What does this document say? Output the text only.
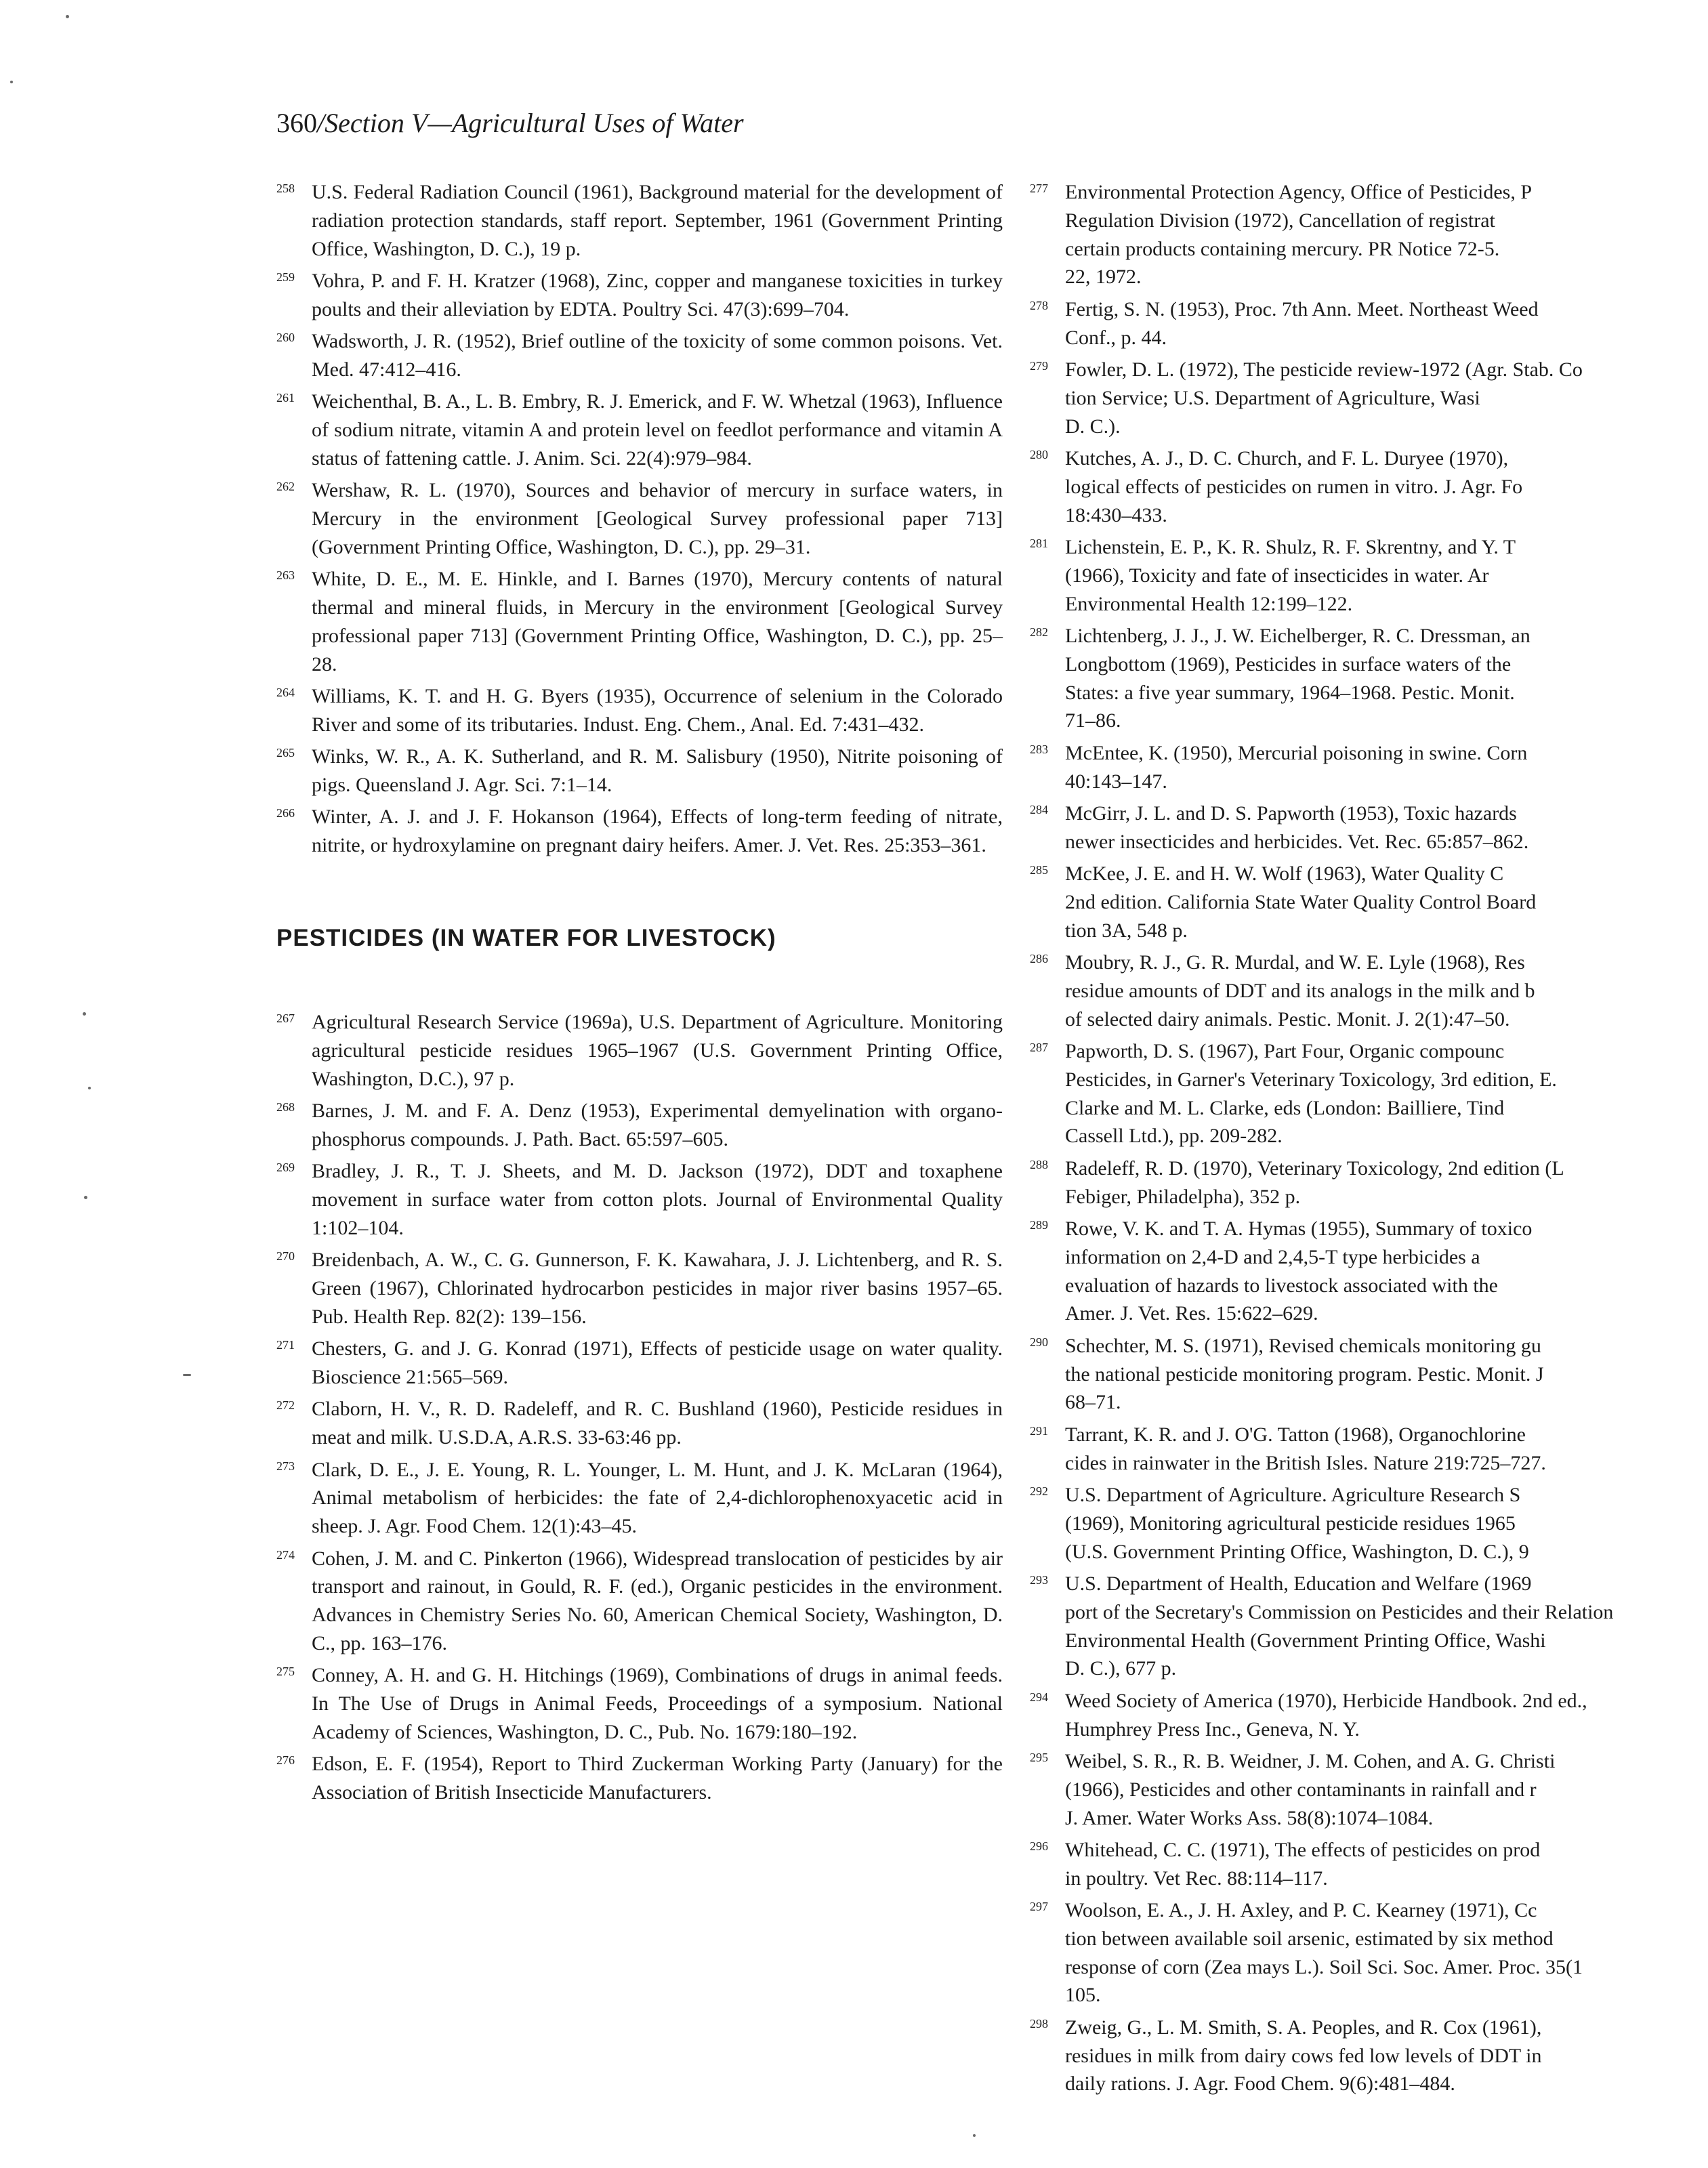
360/Section V—Agricultural Uses of Water
258 U.S. Federal Radiation Council (1961), Background material for the development of radiation protection standards, staff report. September, 1961 (Government Printing Office, Washington, D. C.), 19 p.
259 Vohra, P. and F. H. Kratzer (1968), Zinc, copper and manganese toxicities in turkey poults and their alleviation by EDTA. Poultry Sci. 47(3):699–704.
260 Wadsworth, J. R. (1952), Brief outline of the toxicity of some common poisons. Vet. Med. 47:412–416.
261 Weichenthal, B. A., L. B. Embry, R. J. Emerick, and F. W. Whetzal (1963), Influence of sodium nitrate, vitamin A and protein level on feedlot performance and vitamin A status of fattening cattle. J. Anim. Sci. 22(4):979–984.
262 Wershaw, R. L. (1970), Sources and behavior of mercury in surface waters, in Mercury in the environment [Geological Survey professional paper 713] (Government Printing Office, Washington, D. C.), pp. 29–31.
263 White, D. E., M. E. Hinkle, and I. Barnes (1970), Mercury contents of natural thermal and mineral fluids, in Mercury in the environment [Geological Survey professional paper 713] (Government Printing Office, Washington, D. C.), pp. 25–28.
264 Williams, K. T. and H. G. Byers (1935), Occurrence of selenium in the Colorado River and some of its tributaries. Indust. Eng. Chem., Anal. Ed. 7:431–432.
265 Winks, W. R., A. K. Sutherland, and R. M. Salisbury (1950), Nitrite poisoning of pigs. Queensland J. Agr. Sci. 7:1–14.
266 Winter, A. J. and J. F. Hokanson (1964), Effects of long-term feeding of nitrate, nitrite, or hydroxylamine on pregnant dairy heifers. Amer. J. Vet. Res. 25:353–361.
PESTICIDES (IN WATER FOR LIVESTOCK)
267 Agricultural Research Service (1969a), U.S. Department of Agriculture. Monitoring agricultural pesticide residues 1965–1967 (U.S. Government Printing Office, Washington, D.C.), 97 p.
268 Barnes, J. M. and F. A. Denz (1953), Experimental demyelination with organo-phosphorus compounds. J. Path. Bact. 65:597–605.
269 Bradley, J. R., T. J. Sheets, and M. D. Jackson (1972), DDT and toxaphene movement in surface water from cotton plots. Journal of Environmental Quality 1:102–104.
270 Breidenbach, A. W., C. G. Gunnerson, F. K. Kawahara, J. J. Lichtenberg, and R. S. Green (1967), Chlorinated hydrocarbon pesticides in major river basins 1957–65. Pub. Health Rep. 82(2): 139–156.
271 Chesters, G. and J. G. Konrad (1971), Effects of pesticide usage on water quality. Bioscience 21:565–569.
272 Claborn, H. V., R. D. Radeleff, and R. C. Bushland (1960), Pesticide residues in meat and milk. U.S.D.A, A.R.S. 33-63:46 pp.
273 Clark, D. E., J. E. Young, R. L. Younger, L. M. Hunt, and J. K. McLaran (1964), Animal metabolism of herbicides: the fate of 2,4-dichlorophenoxyacetic acid in sheep. J. Agr. Food Chem. 12(1):43–45.
274 Cohen, J. M. and C. Pinkerton (1966), Widespread translocation of pesticides by air transport and rainout, in Gould, R. F. (ed.), Organic pesticides in the environment. Advances in Chemistry Series No. 60, American Chemical Society, Washington, D. C., pp. 163–176.
275 Conney, A. H. and G. H. Hitchings (1969), Combinations of drugs in animal feeds. In The Use of Drugs in Animal Feeds, Proceedings of a symposium. National Academy of Sciences, Washington, D. C., Pub. No. 1679:180–192.
276 Edson, E. F. (1954), Report to Third Zuckerman Working Party (January) for the Association of British Insecticide Manufacturers.
277 Environmental Protection Agency, Office of Pesticides, P
Regulation Division (1972), Cancellation of registrat
certain products containing mercury. PR Notice 72-5.
22, 1972.
278 Fertig, S. N. (1953), Proc. 7th Ann. Meet. Northeast Weed
Conf., p. 44.
279 Fowler, D. L. (1972), The pesticide review-1972 (Agr. Stab. Co
tion Service; U.S. Department of Agriculture, Wasi
D. C.).
280 Kutches, A. J., D. C. Church, and F. L. Duryee (1970),
logical effects of pesticides on rumen in vitro. J. Agr. Fo
18:430–433.
281 Lichenstein, E. P., K. R. Shulz, R. F. Skrentny, and Y. T
(1966), Toxicity and fate of insecticides in water. Ar
Environmental Health 12:199–122.
282 Lichtenberg, J. J., J. W. Eichelberger, R. C. Dressman, an
Longbottom (1969), Pesticides in surface waters of the
States: a five year summary, 1964–1968. Pestic. Monit.
71–86.
283 McEntee, K. (1950), Mercurial poisoning in swine. Corn
40:143–147.
284 McGirr, J. L. and D. S. Papworth (1953), Toxic hazards
newer insecticides and herbicides. Vet. Rec. 65:857–862.
285 McKee, J. E. and H. W. Wolf (1963), Water Quality C
2nd edition. California State Water Quality Control Board
tion 3A, 548 p.
286 Moubry, R. J., G. R. Murdal, and W. E. Lyle (1968), Res
residue amounts of DDT and its analogs in the milk and b
of selected dairy animals. Pestic. Monit. J. 2(1):47–50.
287 Papworth, D. S. (1967), Part Four, Organic compounc
Pesticides, in Garner's Veterinary Toxicology, 3rd edition, E.
Clarke and M. L. Clarke, eds (London: Bailliere, Tind
Cassell Ltd.), pp. 209-282.
288 Radeleff, R. D. (1970), Veterinary Toxicology, 2nd edition (L
Febiger, Philadelpha), 352 p.
289 Rowe, V. K. and T. A. Hymas (1955), Summary of toxico
information on 2,4-D and 2,4,5-T type herbicides a
evaluation of hazards to livestock associated with the
Amer. J. Vet. Res. 15:622–629.
290 Schechter, M. S. (1971), Revised chemicals monitoring gu
the national pesticide monitoring program. Pestic. Monit. J
68–71.
291 Tarrant, K. R. and J. O'G. Tatton (1968), Organochlorine
cides in rainwater in the British Isles. Nature 219:725–727.
292 U.S. Department of Agriculture. Agriculture Research S
(1969), Monitoring agricultural pesticide residues 1965
(U.S. Government Printing Office, Washington, D. C.), 9
293 U.S. Department of Health, Education and Welfare (1969
port of the Secretary's Commission on Pesticides and their Relation
Environmental Health (Government Printing Office, Washi
D. C.), 677 p.
294 Weed Society of America (1970), Herbicide Handbook. 2nd ed.,
Humphrey Press Inc., Geneva, N. Y.
295 Weibel, S. R., R. B. Weidner, J. M. Cohen, and A. G. Christi
(1966), Pesticides and other contaminants in rainfall and r
J. Amer. Water Works Ass. 58(8):1074–1084.
296 Whitehead, C. C. (1971), The effects of pesticides on prod
in poultry. Vet Rec. 88:114–117.
297 Woolson, E. A., J. H. Axley, and P. C. Kearney (1971), Cc
tion between available soil arsenic, estimated by six method
response of corn (Zea mays L.). Soil Sci. Soc. Amer. Proc. 35(1
105.
298 Zweig, G., L. M. Smith, S. A. Peoples, and R. Cox (1961),
residues in milk from dairy cows fed low levels of DDT in
daily rations. J. Agr. Food Chem. 9(6):481–484.
